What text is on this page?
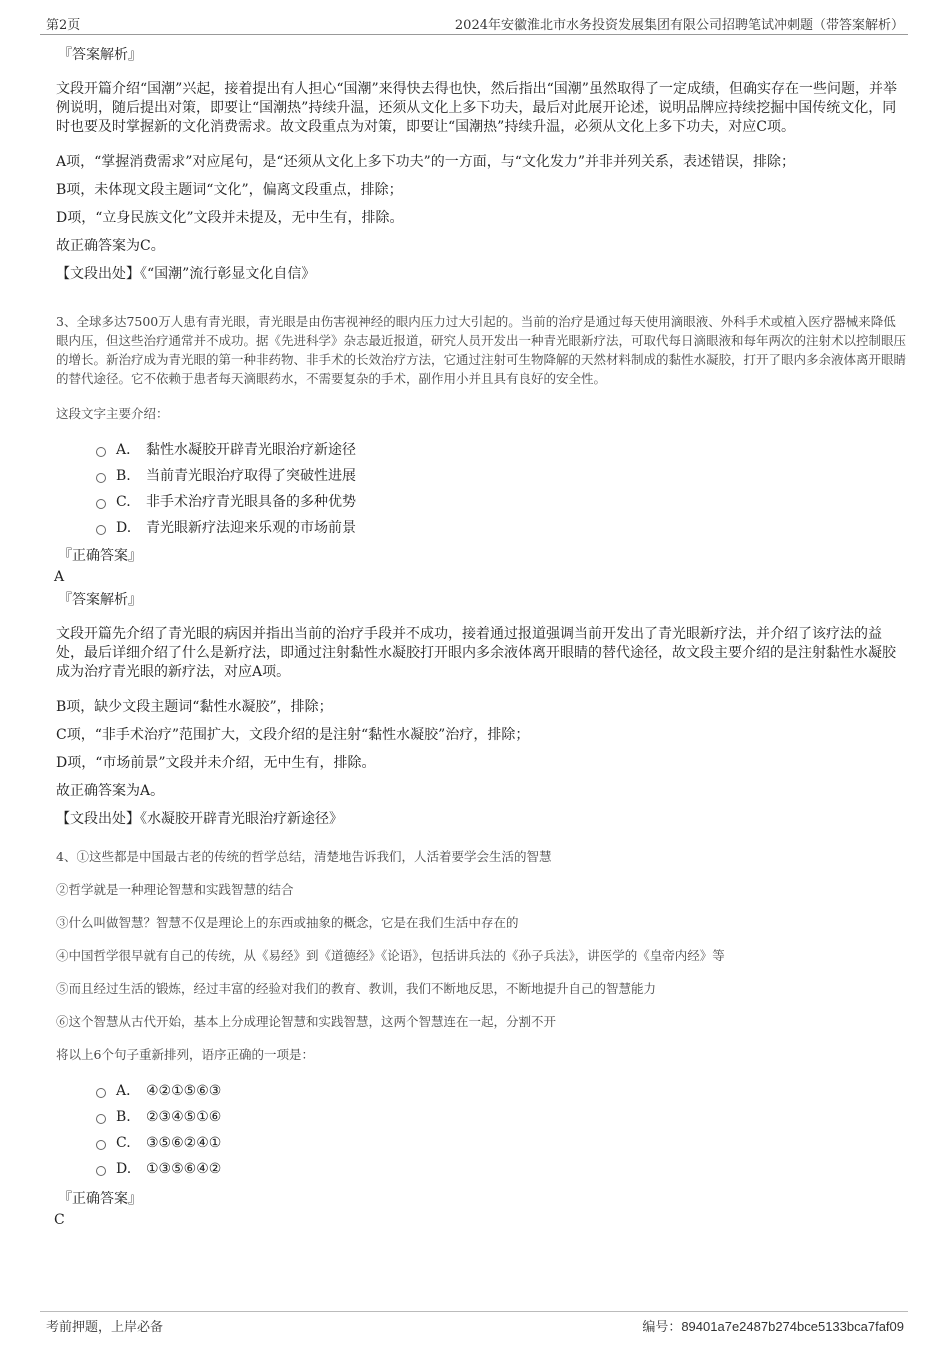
第2页	2024年安徽淮北市水务投资发展集团有限公司招聘笔试冲刺题（带答案解析）
『答案解析』

文段开篇介绍“国潮”兴起，接着提出有人担心“国潮”来得快去得也快，然后指出“国潮”虽然取得了一定成绩，但确实存在一些问题，并举例说明，随后提出对策，即要让“国潮热”持续升温，还须从文化上多下功夫，最后对此展开论述，说明品牌应持续挖掘中国传统文化，同时也要及时掌握新的文化消费需求。故文段重点为对策，即要让“国潮热”持续升温，必须从文化上多下功夫，对应C项。

A项，“掌握消费需求”对应尾句，是“还须从文化上多下功夫”的一方面，与“文化发力”并非并列关系，表述错误，排除；

B项，未体现文段主题词“文化”，偏离文段重点，排除；

D项，“立身民族文化”文段并未提及，无中生有，排除。

故正确答案为C。

【文段出处】《“国潮”流行彰显文化自信》

3、全球多达7500万人患有青光眼，青光眼是由伤害视神经的眼内压力过大引起的。当前的治疗是通过每天使用滴眼液、外科手术或植入医疗器械来降低眼内压，但这些治疗通常并不成功。据《先进科学》杂志最近报道，研究人员开发出一种青光眼新疗法，可取代每日滴眼液和每年两次的注射术以控制眼压的增长。新治疗成为青光眼的第一种非药物、非手术的长效治疗方法，它通过注射可生物降解的天然材料制成的黏性水凝胶，打开了眼内多余液体离开眼睛的替代途径。它不依赖于患者每天滴眼药水，不需要复杂的手术，副作用小并且具有良好的安全性。

这段文字主要介绍：

A． 黏性水凝胶开辟青光眼治疗新途径
B.	当前青光眼治疗取得了突破性进展
C.	非手术治疗青光眼具备的多种优势
D.	青光眼新疗法迎来乐观的市场前景
『正确答案』

A

『答案解析』

文段开篇先介绍了青光眼的病因并指出当前的治疗手段并不成功，接着通过报道强调当前开发出了青光眼新疗法，并介绍了该疗法的益处，最后详细介绍了什么是新疗法，即通过注射黏性水凝胶打开眼内多余液体离开眼睛的替代途径，故文段主要介绍的是注射黏性水凝胶成为治疗青光眼的新疗法，对应A项。

B项，缺少文段主题词“黏性水凝胶”，排除；

C项，“非手术治疗”范围扩大，文段介绍的是注射“黏性水凝胶”治疗，排除；

D项，“市场前景”文段并未介绍，无中生有，排除。

故正确答案为A。

【文段出处】《水凝胶开辟青光眼治疗新途径》

4、①这些都是中国最古老的传统的哲学总结，清楚地告诉我们，人活着要学会生活的智慧

②哲学就是一种理论智慧和实践智慧的结合

③什么叫做智慧？智慧不仅是理论上的东西或抽象的概念，它是在我们生活中存在的

④中国哲学很早就有自己的传统，从《易经》到《道德经》《论语》，包括讲兵法的《孙子兵法》，讲医学的《皇帝内经》等

⑤而且经过生活的锻炼，经过丰富的经验对我们的教育、教训，我们不断地反思，不断地提升自己的智慧能力

⑥这个智慧从古代开始，基本上分成理论智慧和实践智慧，这两个智慧连在一起，分割不开

将以上6个句子重新排列，语序正确的一项是：

A． ④②①⑤⑥③
B.	②③④⑤①⑥
C.	③⑤⑥②④①
D.	①③⑤⑥④②
『正确答案』

C

考前押题，上岸必备	编号：89401a7e2487b274bce5133bca7faf09
